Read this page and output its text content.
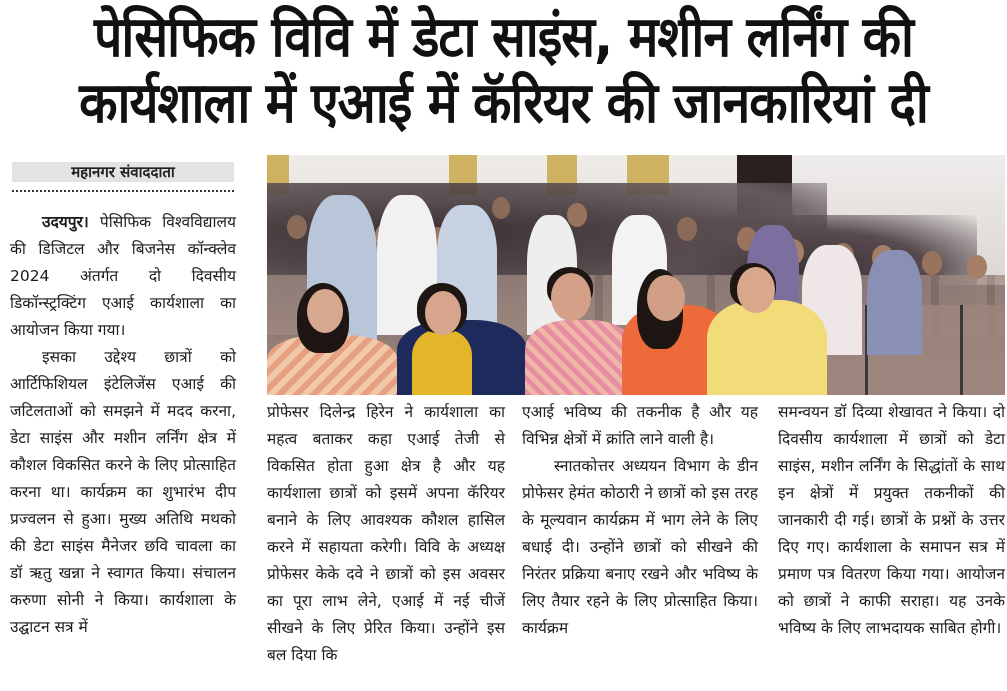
पेसिफिक विवि में डेटा साइंस, मशीन लर्निंग की
कार्यशाला में एआई में कॅरियर की जानकारियां दी
महानगर संवाददाता

उदयपुर। पेसिफिक विश्वविद्यालय की डिजिटल और बिजनेस कॉन्क्लेव 2024 अंतर्गत दो दिवसीय डिकॉन्स्ट्रक्टिंग एआई कार्यशाला का आयोजन किया गया।

इसका उद्देश्य छात्रों को आर्टिफिशियल इंटेलिजेंस एआई की जटिलताओं को समझने में मदद करना, डेटा साइंस और मशीन लर्निंग क्षेत्र में कौशल विकसित करने के लिए प्रोत्साहित करना था। कार्यक्रम का शुभारंभ दीप प्रज्वलन से हुआ। मुख्य अतिथि मथको की डेटा साइंस मैनेजर छवि चावला का डॉ ऋतु खन्ना ने स्वागत किया। संचालन करुणा सोनी ने किया। कार्यशाला के उद्घाटन सत्र में

प्रोफेसर दिलेन्द्र हिरेन ने कार्यशाला का महत्व बताकर कहा एआई तेजी से विकसित होता हुआ क्षेत्र है और यह कार्यशाला छात्रों को इसमें अपना कॅरियर बनाने के लिए आवश्यक कौशल हासिल करने में सहायता करेगी। विवि के अध्यक्ष प्रोफेसर केके दवे ने छात्रों को इस अवसर का पूरा लाभ लेने, एआई में नई चीजें सीखने के लिए प्रेरित किया। उन्होंने इस बल दिया कि

एआई भविष्य की तकनीक है और यह विभिन्न क्षेत्रों में क्रांति लाने वाली है।

स्नातकोत्तर अध्ययन विभाग के डीन प्रोफेसर हेमंत कोठारी ने छात्रों को इस तरह के मूल्यवान कार्यक्रम में भाग लेने के लिए बधाई दी। उन्होंने छात्रों को सीखने की निरंतर प्रक्रिया बनाए रखने और भविष्य के लिए तैयार रहने के लिए प्रोत्साहित किया। कार्यक्रम

समन्वयन डॉ दिव्या शेखावत ने किया। दो दिवसीय कार्यशाला में छात्रों को डेटा साइंस, मशीन लर्निंग के सिद्धांतों के साथ इन क्षेत्रों में प्रयुक्त तकनीकों की जानकारी दी गई। छात्रों के प्रश्नों के उत्तर दिए गए। कार्यशाला के समापन सत्र में प्रमाण पत्र वितरण किया गया। आयोजन को छात्रों ने काफी सराहा। यह उनके भविष्य के लिए लाभदायक साबित होगी।
